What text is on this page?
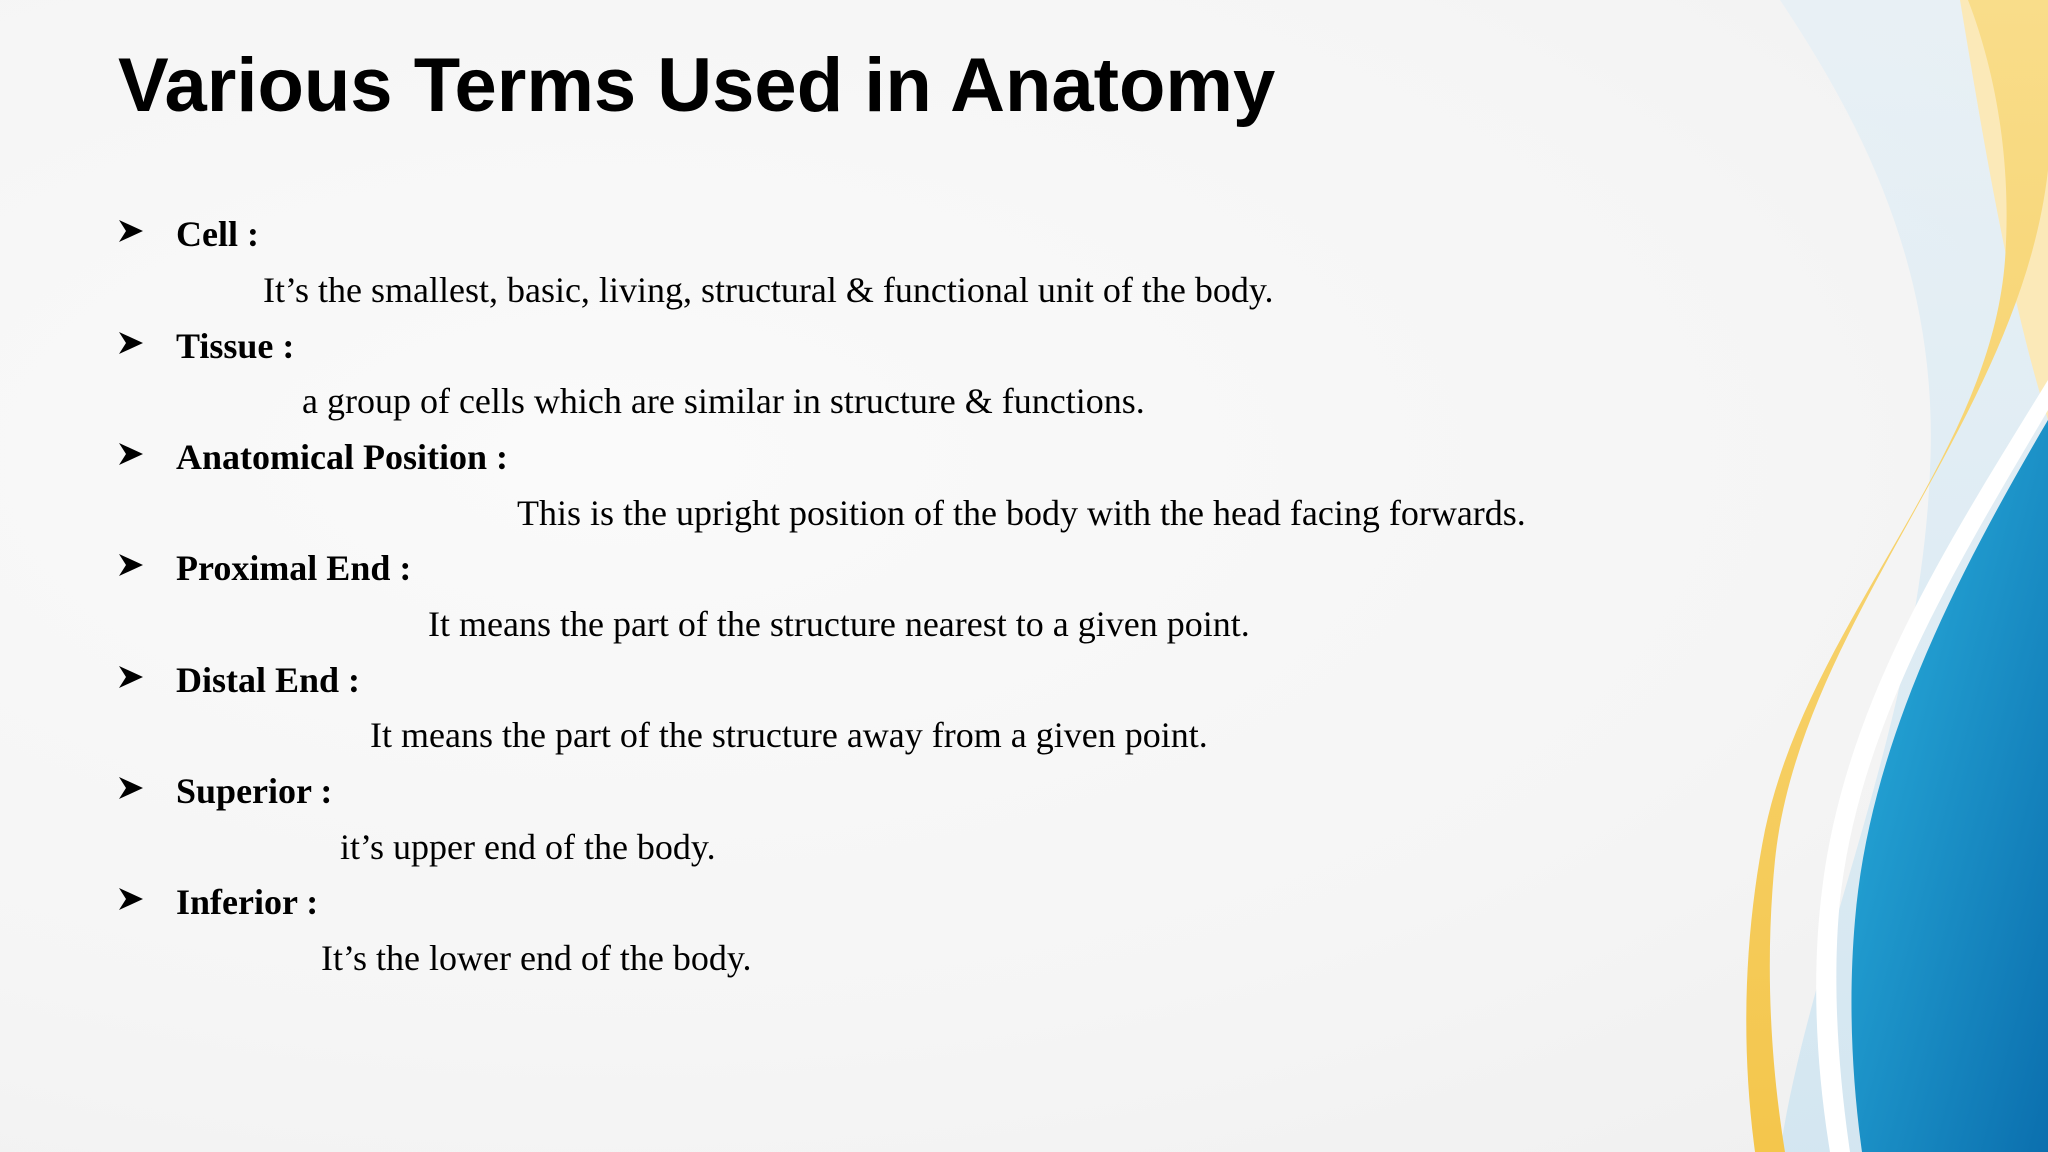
Various Terms Used in Anatomy
Cell :
It’s the smallest, basic, living, structural & functional unit of the body.
Tissue :
a group of cells which are similar in structure & functions.
Anatomical Position :
This is the upright position of the body with the head facing forwards.
Proximal End :
It means the part of the structure nearest to a given point.
Distal End :
It means the part of the structure away from a given point.
Superior :
it’s upper end of the body.
Inferior :
It’s the lower end of the body.
